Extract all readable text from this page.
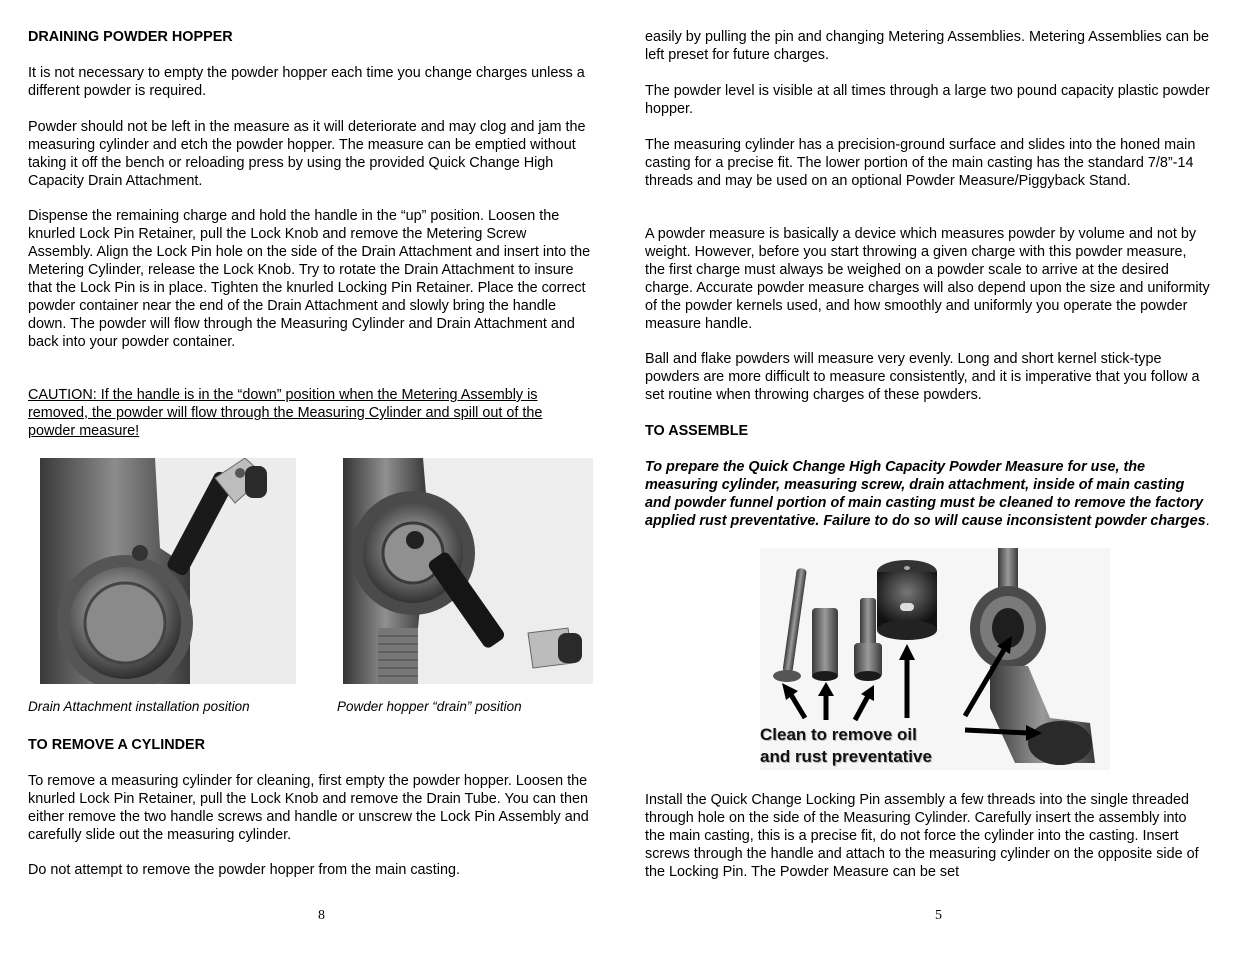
DRAINING POWDER HOPPER

It is not necessary to empty the powder hopper each time you change charges unless a different powder is required.

Powder should not be left in the measure as it will deteriorate and may clog and jam the measuring cylinder and etch the powder hopper. The measure can be emptied without taking it off the bench or reloading press by using the provided Quick Change High Capacity Drain Attachment.

Dispense the remaining charge and hold the handle in the “up” position. Loosen the knurled Lock Pin Retainer, pull the Lock Knob and remove the Metering Screw Assembly. Align the Lock Pin hole on the side of the Drain Attachment and insert into the Metering Cylinder, release the Lock Knob. Try to rotate the Drain Attachment to insure that the Lock Pin is in place. Tighten the knurled Locking Pin Retainer. Place the correct powder container near the end of the Drain Attachment and slowly bring the handle down. The powder will flow through the Measuring Cylinder and Drain Attachment and back into your powder container.

CAUTION: If the handle is in the “down” position when the Metering Assembly is removed, the powder will flow through the Measuring Cylinder and spill out of the powder measure!

Drain Attachment installation position	Powder hopper “drain” position

TO REMOVE A CYLINDER

To remove a measuring cylinder for cleaning, first empty the powder hopper. Loosen the knurled Lock Pin Retainer, pull the Lock Knob and remove the Drain Tube. You can then either remove the two handle screws and handle or unscrew the Lock Pin Assembly and carefully slide out the measuring cylinder.

Do not attempt to remove the powder hopper from the main casting.

8

easily by pulling the pin and changing Metering Assemblies. Metering Assemblies can be left preset for future charges.

The powder level is visible at all times through a large two pound capacity plastic powder hopper.

The measuring cylinder has a precision-ground surface and slides into the honed main casting for a precise fit. The lower portion of the main casting has the standard 7/8”-14 threads and may be used on an optional Powder Measure/Piggyback Stand.

A powder measure is basically a device which measures powder by volume and not by weight. However, before you start throwing a given charge with this powder measure, the first charge must always be weighed on a powder scale to arrive at the desired charge. Accurate powder measure charges will also depend upon the size and uniformity of the powder kernels used, and how smoothly and uniformly you operate the powder measure handle.

Ball and flake powders will measure very evenly. Long and short kernel stick-type powders are more difficult to measure consistently, and it is imperative that you follow a set routine when throwing charges of these powders.

TO ASSEMBLE

To prepare the Quick Change High Capacity Powder Measure for use, the measuring cylinder, measuring screw, drain attachment, inside of main casting and powder funnel portion of main casting must be cleaned to remove the factory applied rust preventative. Failure to do so will cause inconsistent powder charges.

Clean to remove oil
and rust preventative

Install the Quick Change Locking Pin assembly a few threads into the single threaded through hole on the side of the Measuring Cylinder. Carefully insert the assembly into the main casting, this is a precise fit, do not force the cylinder into the casting. Insert screws through the handle and attach to the measuring cylinder on the opposite side of the Locking Pin. The Powder Measure can be set

5
